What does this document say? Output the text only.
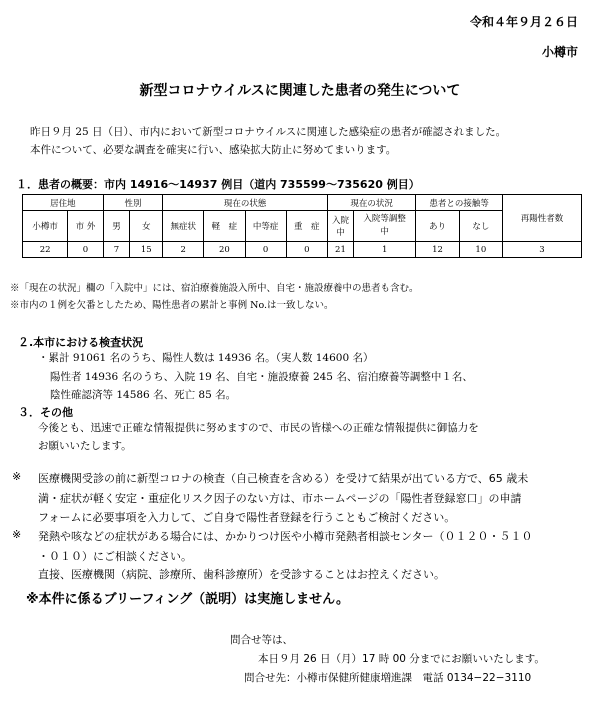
令和４年９月２６日
小樽市
新型コロナウイルスに関連した患者の発生について
昨日９月 25 日（日）、市内において新型コロナウイルスに関連した感染症の患者が確認されました。
本件について、必要な調査を確実に行い、感染拡大防止に努めてまいります。
１．患者の概要：市内 14916〜14937 例目（道内 735599〜735620 例目）
居住地		性別		現在の状態				現在の状況		患者との接触等		再陽性者数
小樽市	市 外	男	女	無症状	軽　症	中等症	重　症	入院中	入院等調整中	あり	なし	
22	0	7	15	2	20	0	0	21	1	12	10	3
※「現在の状況」欄の「入院中」には、宿泊療養施設入所中、自宅・施設療養中の患者も含む。
※市内の１例を欠番としたため、陽性患者の累計と事例 No.は一致しない。
２.本市における検査状況
・累計 91061 名のうち、陽性人数は 14936 名。（実人数 14600 名）
陽性者 14936 名のうち、入院 19 名、自宅・施設療養 245 名、宿泊療養等調整中１名、
陰性確認済等 14586 名、死亡 85 名。
３．その他
今後とも、迅速で正確な情報提供に努めますので、市民の皆様への正確な情報提供に御協力を
お願いいたします。
※ 医療機関受診の前に新型コロナの検査（自己検査を含める）を受けて結果が出ている方で、65 歳未
満・症状が軽く安定・重症化リスク因子のない方は、市ホームページの「陽性者登録窓口」の申請
フォームに必要事項を入力して、ご自身で陽性者登録を行うこともご検討ください。
※ 発熱や咳などの症状がある場合には、かかりつけ医や小樽市発熱者相談センター（０１２０・５１０
・０１０）にご相談ください。
直接、医療機関（病院、診療所、歯科診療所）を受診することはお控えください。
※本件に係るブリーフィング（説明）は実施しません。
問合せ等は、
本日９月 26 日（月）17 時 00 分までにお願いいたします。
問合せ先：小樽市保健所健康増進課　電話 0134−22−3110
